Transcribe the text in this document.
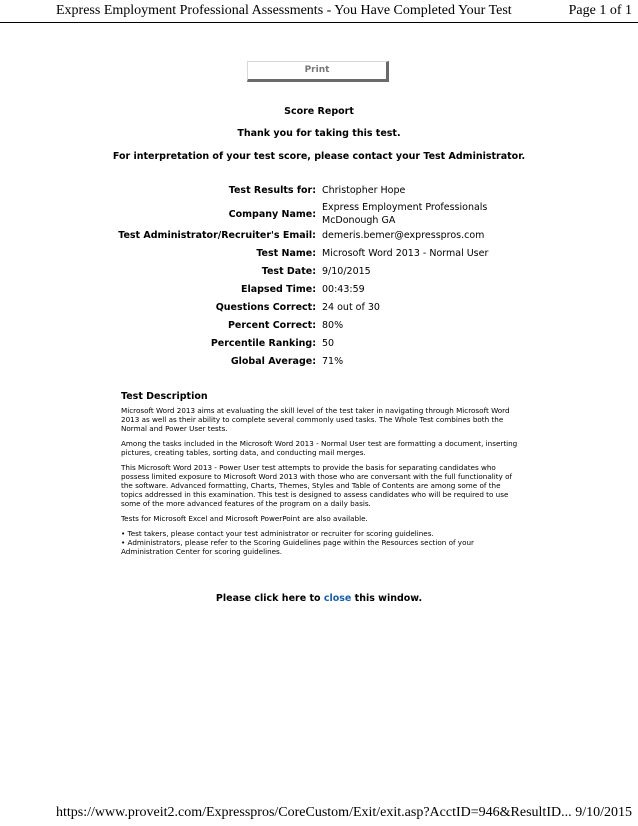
Express Employment Professional Assessments - You Have Completed Your Test	Page 1 of 1
Print
Score Report
Thank you for taking this test.
For interpretation of your test score, please contact your Test Administrator.
Test Results for: Christopher Hope
Company Name:
Express Employment Professionals
McDonough GA
Test Administrator/Recruiter's Email: demeris.bemer@expresspros.com
Test Name: Microsoft Word 2013 - Normal User
Test Date: 9/10/2015
Elapsed Time: 00:43:59
Questions Correct: 24 out of 30
Percent Correct: 80%
Percentile Ranking: 50
Global Average: 71%
Test Description

Microsoft Word 2013 aims at evaluating the skill level of the test taker in navigating through Microsoft Word 2013 as well as their ability to complete several commonly used tasks. The Whole Test combines both the Normal and Power User tests.

Among the tasks included in the Microsoft Word 2013 - Normal User test are formatting a document, inserting pictures, creating tables, sorting data, and conducting mail merges.

This Microsoft Word 2013 - Power User test attempts to provide the basis for separating candidates who possess limited exposure to Microsoft Word 2013 with those who are conversant with the full functionality of the software. Advanced formatting, Charts, Themes, Styles and Table of Contents are among some of the topics addressed in this examination. This test is designed to assess candidates who will be required to use some of the more advanced features of the program on a daily basis.

Tests for Microsoft Excel and Microsoft PowerPoint are also available.

• Test takers, please contact your test administrator or recruiter for scoring guidelines.

• Administrators, please refer to the Scoring Guidelines page within the Resources section of your Administration Center for scoring guidelines.

Please click here to close this window.
https://www.proveit2.com/Expresspros/CoreCustom/Exit/exit.asp?AcctID=946&ResultID... 9/10/2015
